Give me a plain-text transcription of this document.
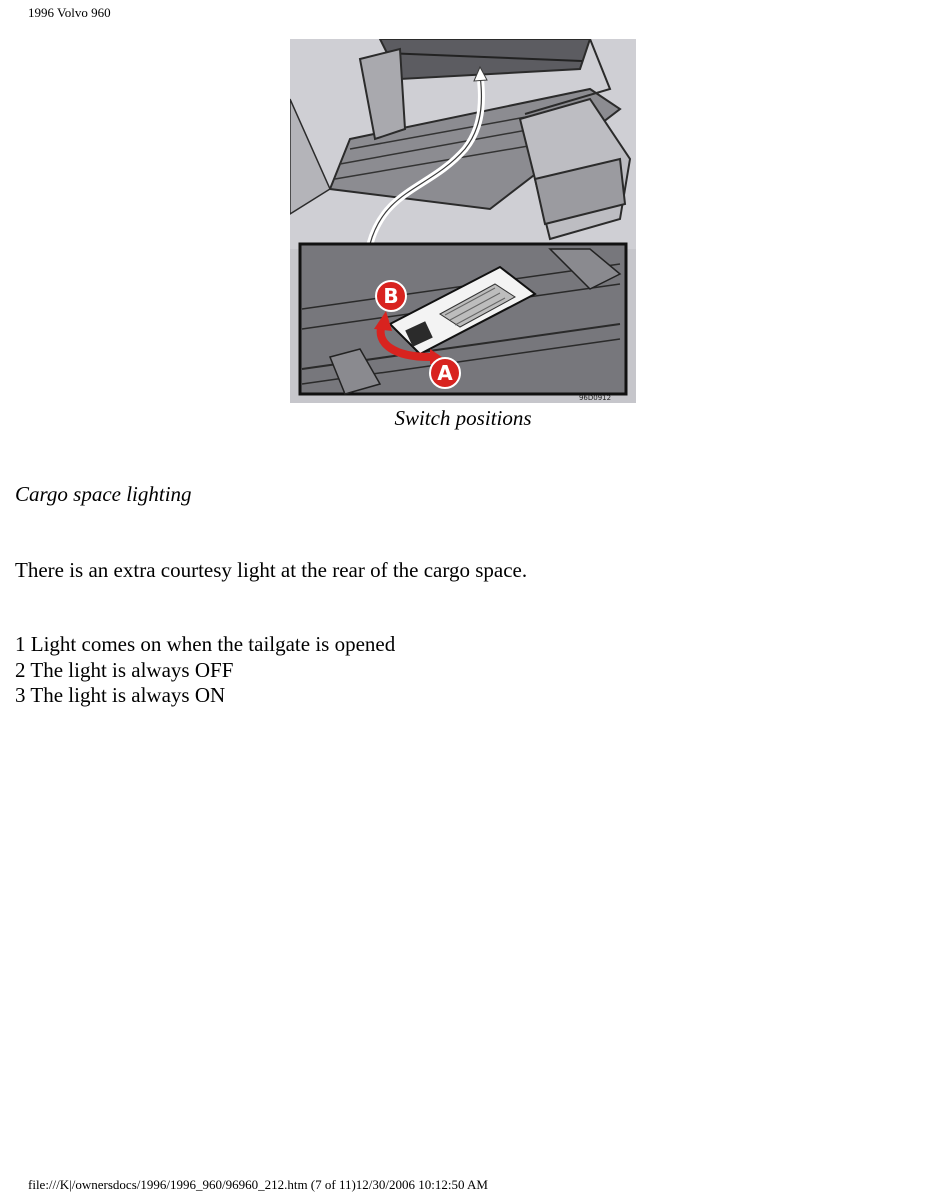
1996 Volvo 960
B
A
96D0912
Switch positions
Cargo space lighting
There is an extra courtesy light at the rear of the cargo space.
1 Light comes on when the tailgate is opened
2 The light is always OFF
3 The light is always ON
file:///K|/ownersdocs/1996/1996_960/96960_212.htm (7 of 11)12/30/2006 10:12:50 AM
